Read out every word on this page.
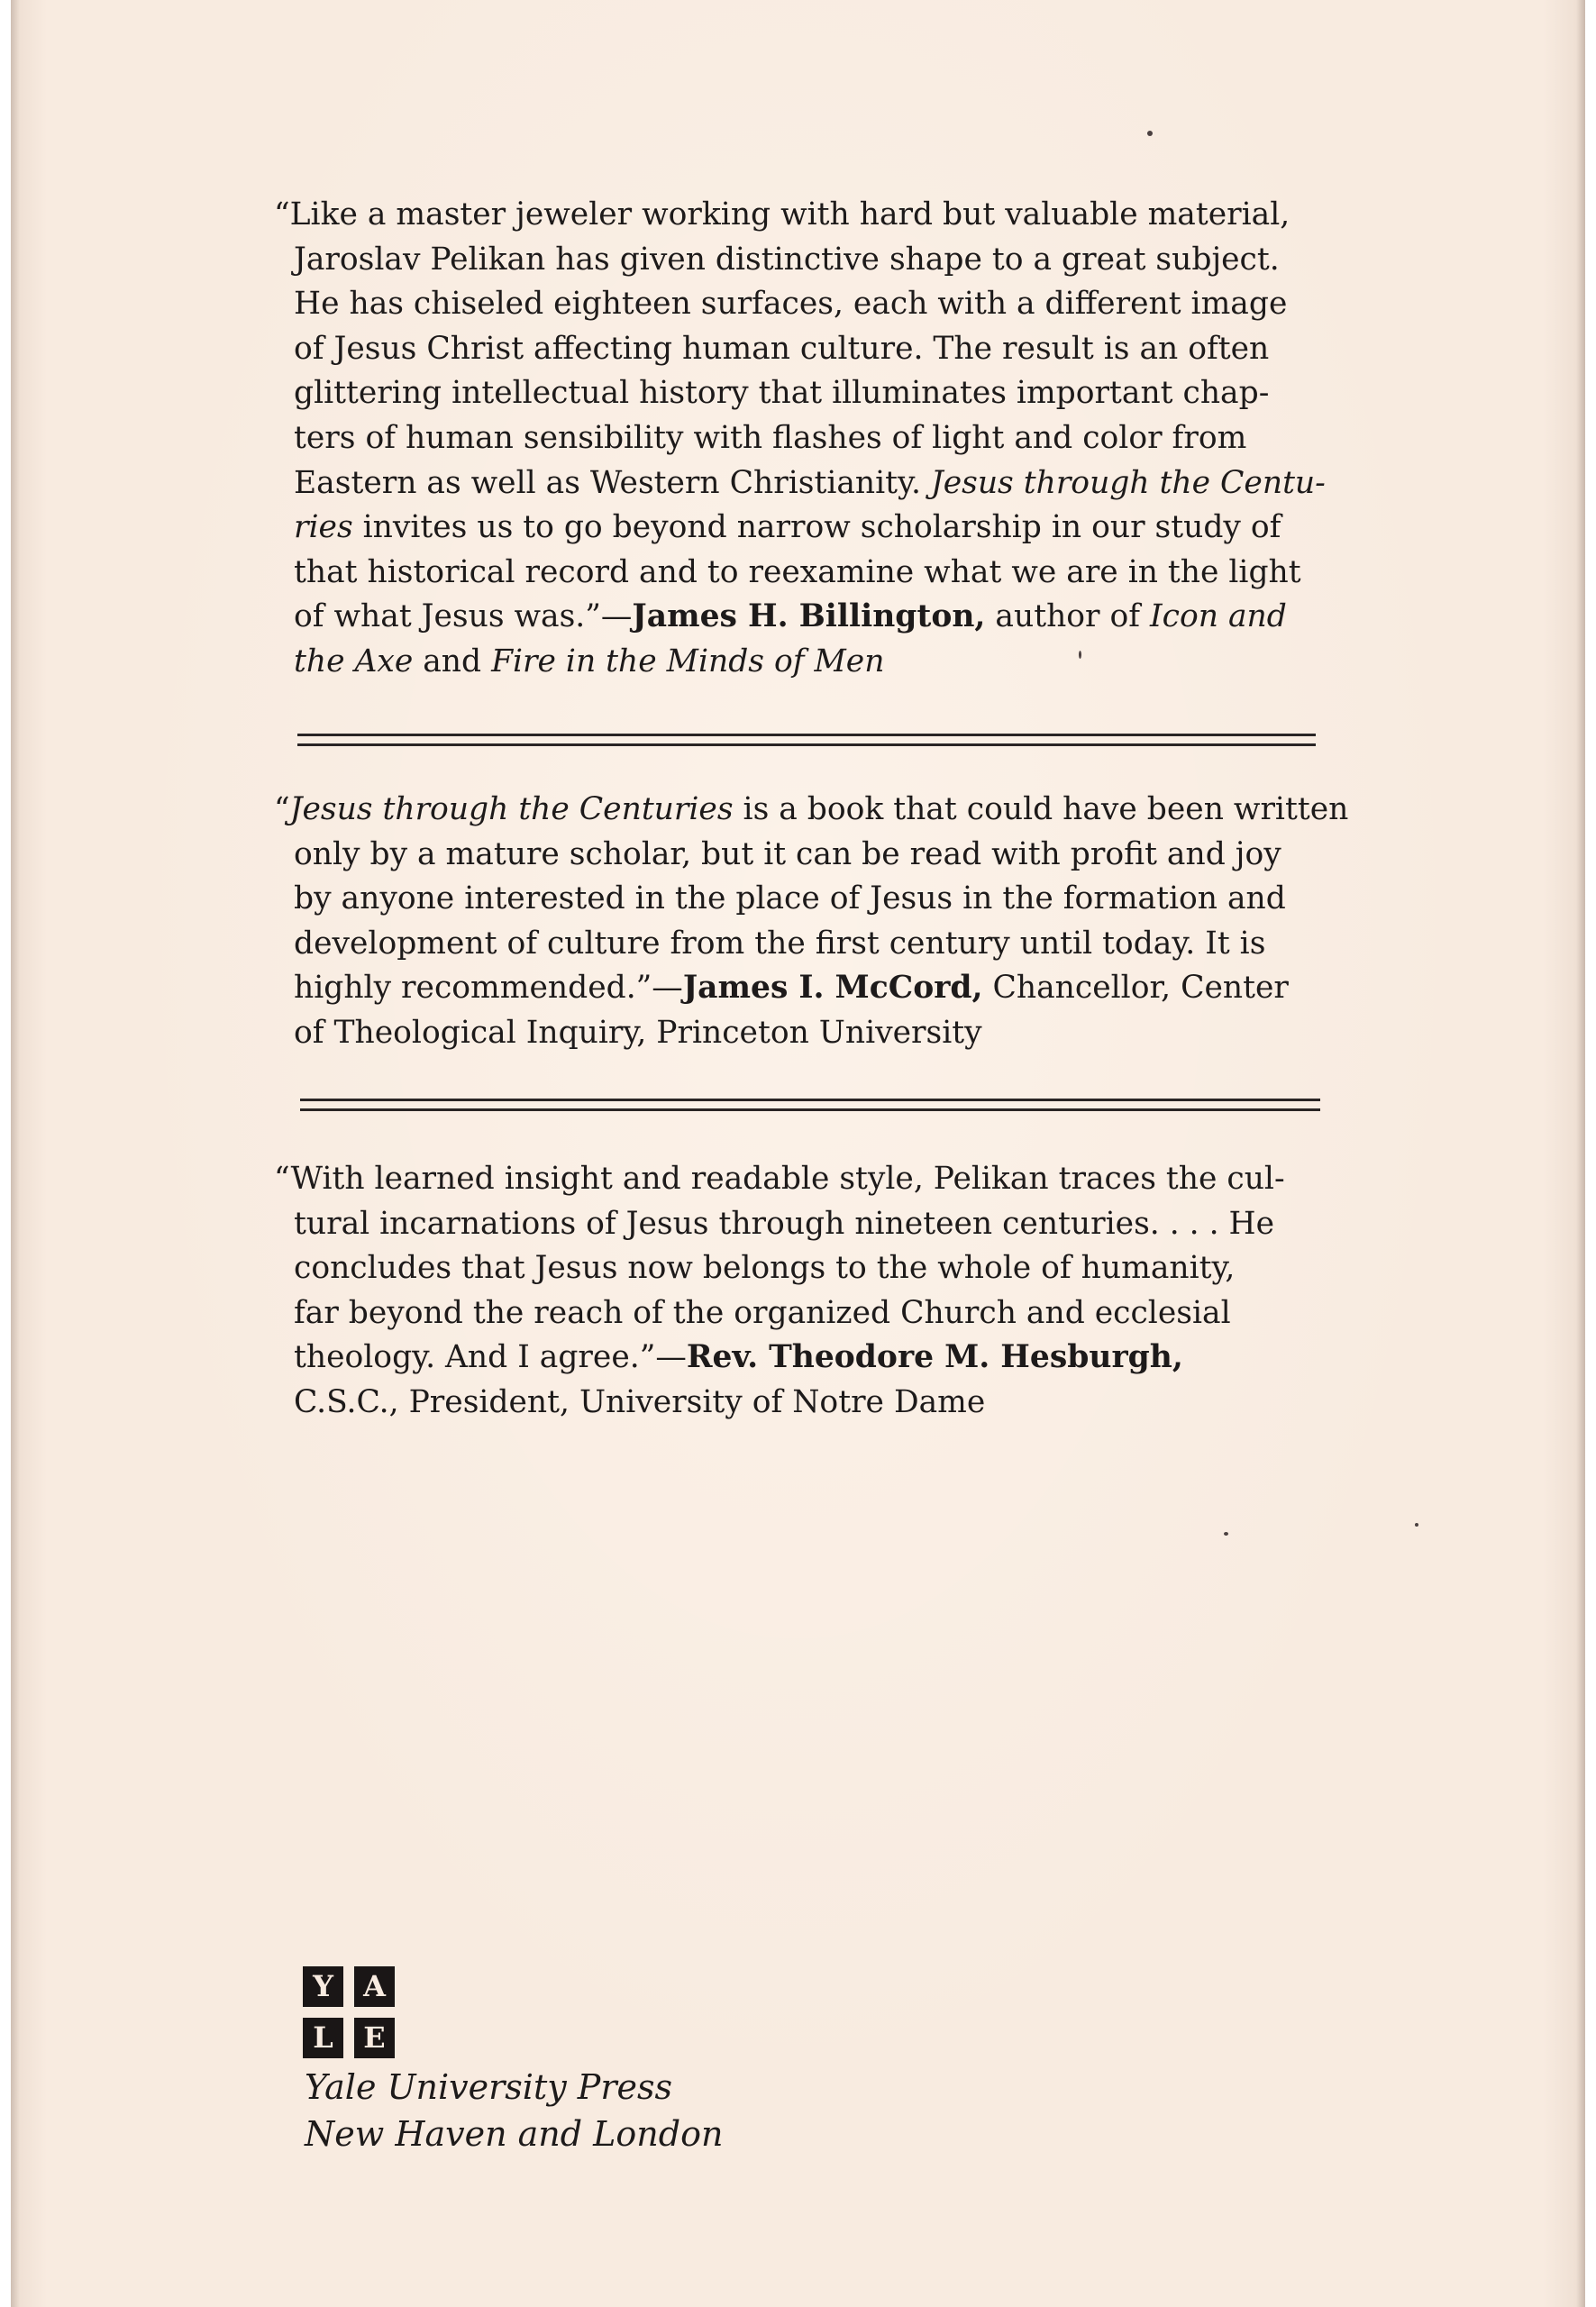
“Like a master jeweler working with hard but valuable material,
Jaroslav Pelikan has given distinctive shape to a great subject.
He has chiseled eighteen surfaces, each with a different image
of Jesus Christ affecting human culture. The result is an often
glittering intellectual history that illuminates important chap-
ters of human sensibility with flashes of light and color from
Eastern as well as Western Christianity. Jesus through the Centu-
ries invites us to go beyond narrow scholarship in our study of
that historical record and to reexamine what we are in the light
of what Jesus was.”—James H. Billington, author of Icon and
the Axe and Fire in the Minds of Men
“Jesus through the Centuries is a book that could have been written
only by a mature scholar, but it can be read with profit and joy
by anyone interested in the place of Jesus in the formation and
development of culture from the first century until today. It is
highly recommended.”—James I. McCord, Chancellor, Center
of Theological Inquiry, Princeton University
“With learned insight and readable style, Pelikan traces the cul-
tural incarnations of Jesus through nineteen centuries. . . . He
concludes that Jesus now belongs to the whole of humanity,
far beyond the reach of the organized Church and ecclesial
theology. And I agree.”—Rev. Theodore M. Hesburgh,
C.S.C., President, University of Notre Dame
Y	A
L	E
Yale University Press
New Haven and London
